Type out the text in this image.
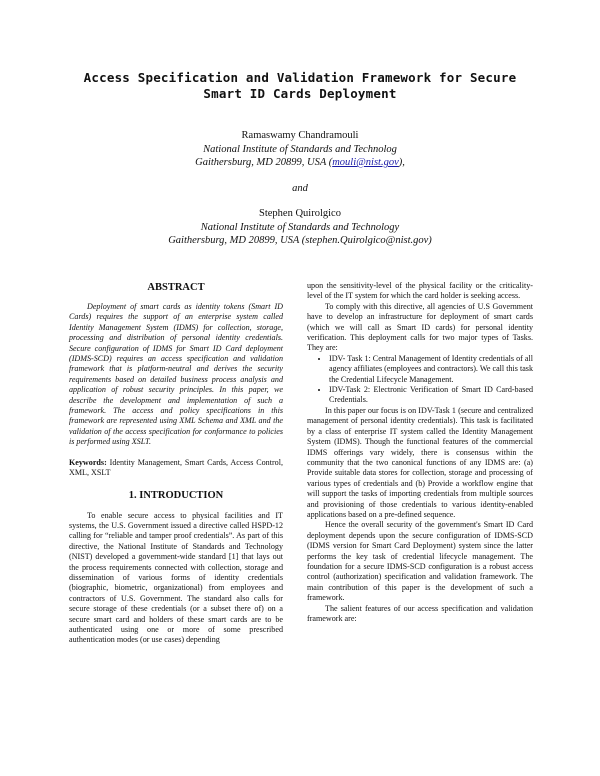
Access Specification and Validation Framework for Secure
Smart ID Cards Deployment
Ramaswamy Chandramouli
National Institute of Standards and Technolog
Gaithersburg, MD 20899, USA (mouli@nist.gov),
and
Stephen Quirolgico
National Institute of Standards and Technology
Gaithersburg, MD 20899, USA (stephen.Quirolgico@nist.gov)
ABSTRACT

Deployment of smart cards as identity tokens (Smart ID Cards) requires the support of an enterprise system called Identity Management System (IDMS) for collection, storage, processing and distribution of personal identity credentials. Secure configuration of IDMS for Smart ID Card deployment (IDMS-SCD) requires an access specification and validation framework that is platform-neutral and derives the security requirements based on detailed business process analysis and application of robust security principles. In this paper, we describe the development and implementation of such a framework. The access and policy specifications in this framework are represented using XML Schema and XML and the validation of the access specification for conformance to policies is performed using XSLT.

Keywords: Identity Management, Smart Cards, Access Control, XML, XSLT

1. INTRODUCTION

To enable secure access to physical facilities and IT systems, the U.S. Government issued a directive called HSPD-12 calling for “reliable and tamper proof credentials”. As part of this directive, the National Institute of Standards and Technology (NIST) developed a government-wide standard [1] that lays out the process requirements connected with collection, storage and dissemination of various forms of identity credentials (biographic, biometric, organizational) from employees and contractors of U.S. Government. The standard also calls for secure storage of these credentials (or a subset there of) on a secure smart card and holders of these smart cards are to be authenticated using one or more of some prescribed authentication modes (or use cases) depending

upon the sensitivity-level of the physical facility or the criticality-level of the IT system for which the card holder is seeking access.

To comply with this directive, all agencies of U.S Government have to develop an infrastructure for deployment of smart cards (which we will call as Smart ID cards) for personal identity verification. This deployment calls for two major types of Tasks. They are:

• IDV- Task 1: Central Management of Identity credentials of all agency affiliates (employees and contractors). We call this task the Credential Lifecycle Management.
• IDV-Task 2: Electronic Verification of Smart ID Card-based Credentials.

In this paper our focus is on IDV-Task 1 (secure and centralized management of personal identity credentials). This task is facilitated by a class of enterprise IT system called the Identity Management System (IDMS). Though the functional features of the commercial IDMS offerings vary widely, there is consensus within the community that the two canonical functions of any IDMS are: (a) Provide suitable data stores for collection, storage and processing of various types of credentials and (b) Provide a workflow engine that will support the tasks of importing credentials from multiple sources and provisioning of those credentials to various identity-enabled applications based on a pre-defined sequence.

Hence the overall security of the government's Smart ID Card deployment depends upon the secure configuration of IDMS-SCD (IDMS version for Smart Card Deployment) system since the latter performs the key task of credential lifecycle management. The foundation for a secure IDMS-SCD configuration is a robust access control (authorization) specification and validation framework. The main contribution of this paper is the development of such a framework.

The salient features of our access specification and validation framework are:
